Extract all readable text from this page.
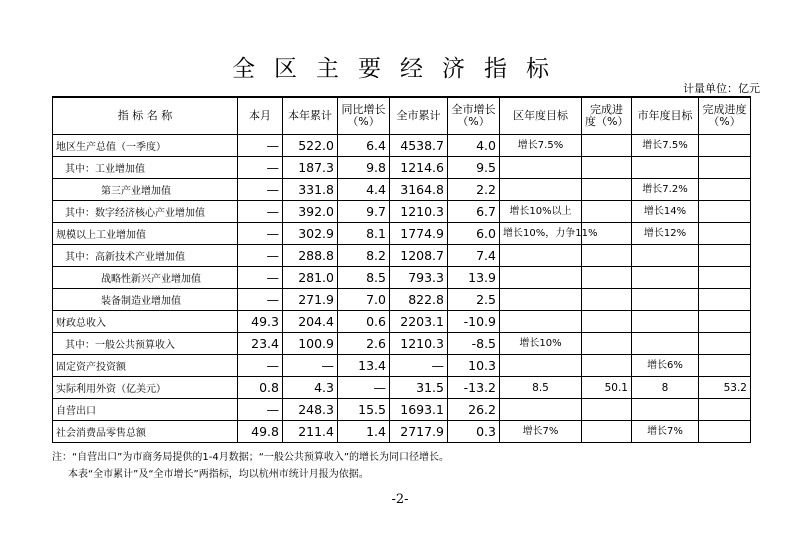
全区主要经济指标
计量单位：亿元
指 标 名 称	本月	本年累计	同比增长（%）	全市累计	全市增长（%）	区年度目标	完成进度（%）	市年度目标	完成进度（%）
地区生产总值（一季度）	—	522.0	6.4	4538.7	4.0	增长7.5%		增长7.5%	
其中：工业增加值	—	187.3	9.8	1214.6	9.5				
第三产业增加值	—	331.8	4.4	3164.8	2.2			增长7.2%	
其中：数字经济核心产业增加值	—	392.0	9.7	1210.3	6.7	增长10%以上		增长14%	
规模以上工业增加值	—	302.9	8.1	1774.9	6.0	增长10%，力争11%		增长12%	
其中：高新技术产业增加值	—	288.8	8.2	1208.7	7.4				
战略性新兴产业增加值	—	281.0	8.5	793.3	13.9				
装备制造业增加值	—	271.9	7.0	822.8	2.5				
财政总收入	49.3	204.4	0.6	2203.1	-10.9				
其中：一般公共预算收入	23.4	100.9	2.6	1210.3	-8.5	增长10%			
固定资产投资额	—	—	13.4	—	10.3			增长6%	
实际利用外资（亿美元）	0.8	4.3	—	31.5	-13.2	8.5	50.1	8	53.2
自营出口	—	248.3	15.5	1693.1	26.2				
社会消费品零售总额	49.8	211.4	1.4	2717.9	0.3	增长7%		增长7%	
注：“自营出口”为市商务局提供的1-4月数据；“一般公共预算收入”的增长为同口径增长。
本表“全市累计”及“全市增长”两指标，均以杭州市统计月报为依据。
-2-
